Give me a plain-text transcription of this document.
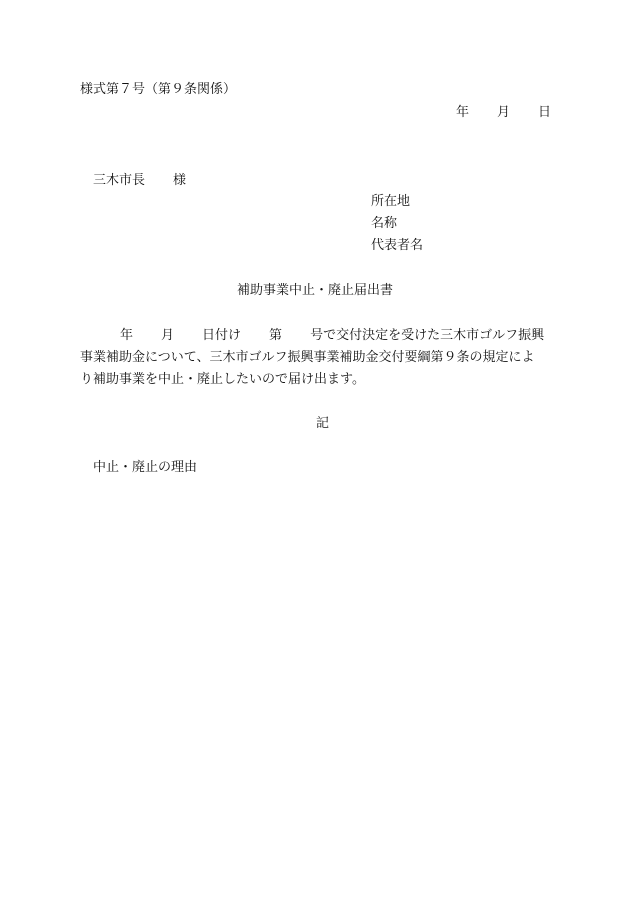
様式第７号（第９条関係）
年 月 日
三木市長 様
所在地
名称
代表者名
補助事業中止・廃止届出書
年 月 日付け 第 号で交付決定を受けた三木市ゴルフ振興
事業補助金について、三木市ゴルフ振興事業補助金交付要綱第９条の規定によ
り補助事業を中止・廃止したいので届け出ます。
記
中止・廃止の理由
